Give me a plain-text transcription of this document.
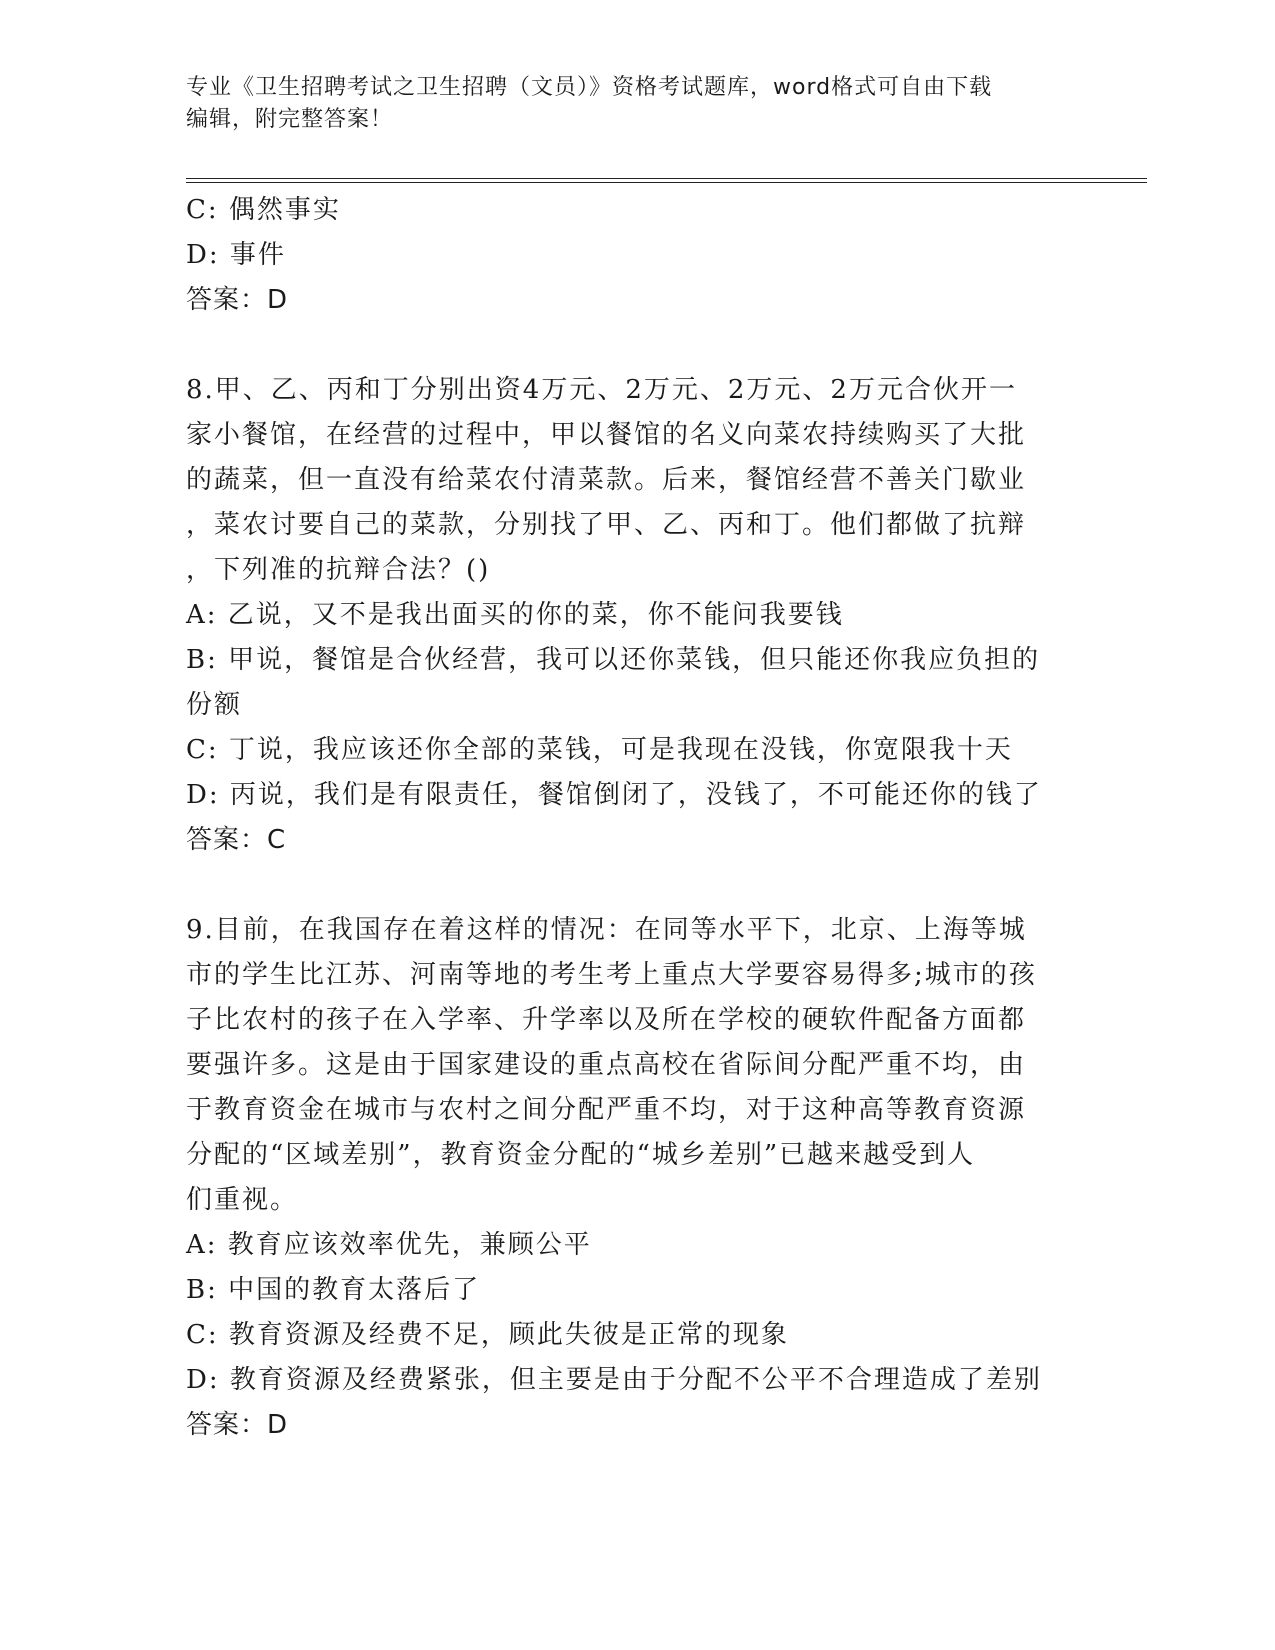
专业《卫生招聘考试之卫生招聘（文员）》资格考试题库，word格式可自由下载
编辑，附完整答案！
C: 偶然事实
D: 事件
答案：D
8.甲、乙、丙和丁分别出资4万元、2万元、2万元、2万元合伙开一
家小餐馆，在经营的过程中，甲以餐馆的名义向菜农持续购买了大批
的蔬菜，但一直没有给菜农付清菜款。后来，餐馆经营不善关门歇业
，菜农讨要自己的菜款，分别找了甲、乙、丙和丁。他们都做了抗辩
，下列准的抗辩合法？()
A: 乙说，又不是我出面买的你的菜，你不能问我要钱
B: 甲说，餐馆是合伙经营，我可以还你菜钱，但只能还你我应负担的
份额
C: 丁说，我应该还你全部的菜钱，可是我现在没钱，你宽限我十天
D: 丙说，我们是有限责任，餐馆倒闭了，没钱了，不可能还你的钱了
答案：C
9.目前，在我国存在着这样的情况：在同等水平下，北京、上海等城
市的学生比江苏、河南等地的考生考上重点大学要容易得多;城市的孩
子比农村的孩子在入学率、升学率以及所在学校的硬软件配备方面都
要强许多。这是由于国家建设的重点高校在省际间分配严重不均，由
于教育资金在城市与农村之间分配严重不均，对于这种高等教育资源
分配的“区域差别”，教育资金分配的“城乡差别”已越来越受到人
们重视。
A: 教育应该效率优先，兼顾公平
B: 中国的教育太落后了
C: 教育资源及经费不足，顾此失彼是正常的现象
D: 教育资源及经费紧张，但主要是由于分配不公平不合理造成了差别
答案：D
